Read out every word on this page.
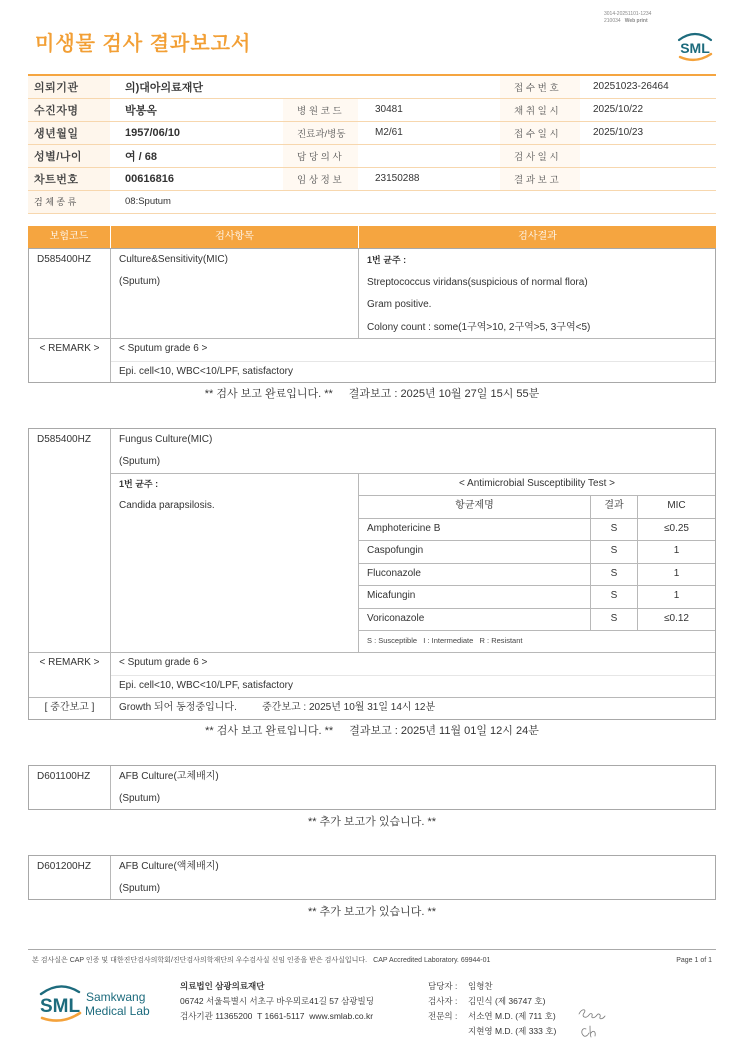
3014-20251101-1234
210034 Web print
미생물 검사 결과보고서	SML
의뢰기관	의)대아의료재단			접 수 번 호	20251023-26464
수진자명	박봉옥	병 원 코 드	30481	채 취 일 시	2025/10/22
생년월일	1957/06/10	진료과/병동	M2/61	접 수 일 시	2025/10/23
성별/나이	여 / 68	담 당 의 사		검 사 일 시	
차트번호	00616816	임 상 정 보	23150288	결 과 보 고	
검 체 종 류	08:Sputum				
보험코드	검사항목	검사결과
D585400HZ	Culture&Sensitivity(MIC)
(Sputum)
1번 균주 :
Streptococcus viridans(suspicious of normal flora)
Gram positive.
Colony count : some(1구역>10, 2구역>5, 3구역<5)
< REMARK >	< Sputum grade 6 >
Epi. cell<10, WBC<10/LPF, satisfactory
** 검사 보고 완료입니다. ** 결과보고 : 2025년 10월 27일 15시 55분
D585400HZ	Fungus Culture(MIC)
(Sputum)
1번 균주 :
Candida parapsilosis.
< Antimicrobial Susceptibility Test >
항균제명	결과	MIC
Amphotericine B	S	≤0.25
Caspofungin	S	1
Fluconazole	S	1
Micafungin	S	1
Voriconazole	S	≤0.12
S : Susceptible   I : Intermediate   R : Resistant
< REMARK >	< Sputum grade 6 >
Epi. cell<10, WBC<10/LPF, satisfactory
[ 중간보고 ]	Growth 되어 동정중입니다.	중간보고 : 2025년 10월 31일 14시 12분
** 검사 보고 완료입니다. ** 결과보고 : 2025년 11월 01일 12시 24분
D601100HZ	AFB Culture(고체배지)
(Sputum)
** 추가 보고가 있습니다. **
D601200HZ	AFB Culture(액체배지)
(Sputum)
** 추가 보고가 있습니다. **
본 검사실은 CAP 인증 및 대한진단검사의학회/진단검사의학재단의 우수검사실 신임 인증을 받은 검사실입니다. CAP Accredited Laboratory. 69944-01	Page 1 of 1
SML Samkwang
Medical Lab
의료법인 삼광의료재단
06742 서울특별시 서초구 바우뫼로41길 57 삼광빌딩
검사기관 11365200  T 1661-5117  www.smlab.co.kr
담당자 : 임형찬
검사자 : 김민식 (제 36747 호)
전문의 : 서소연 M.D. (제 711 호)
지현영 M.D. (제 333 호)
